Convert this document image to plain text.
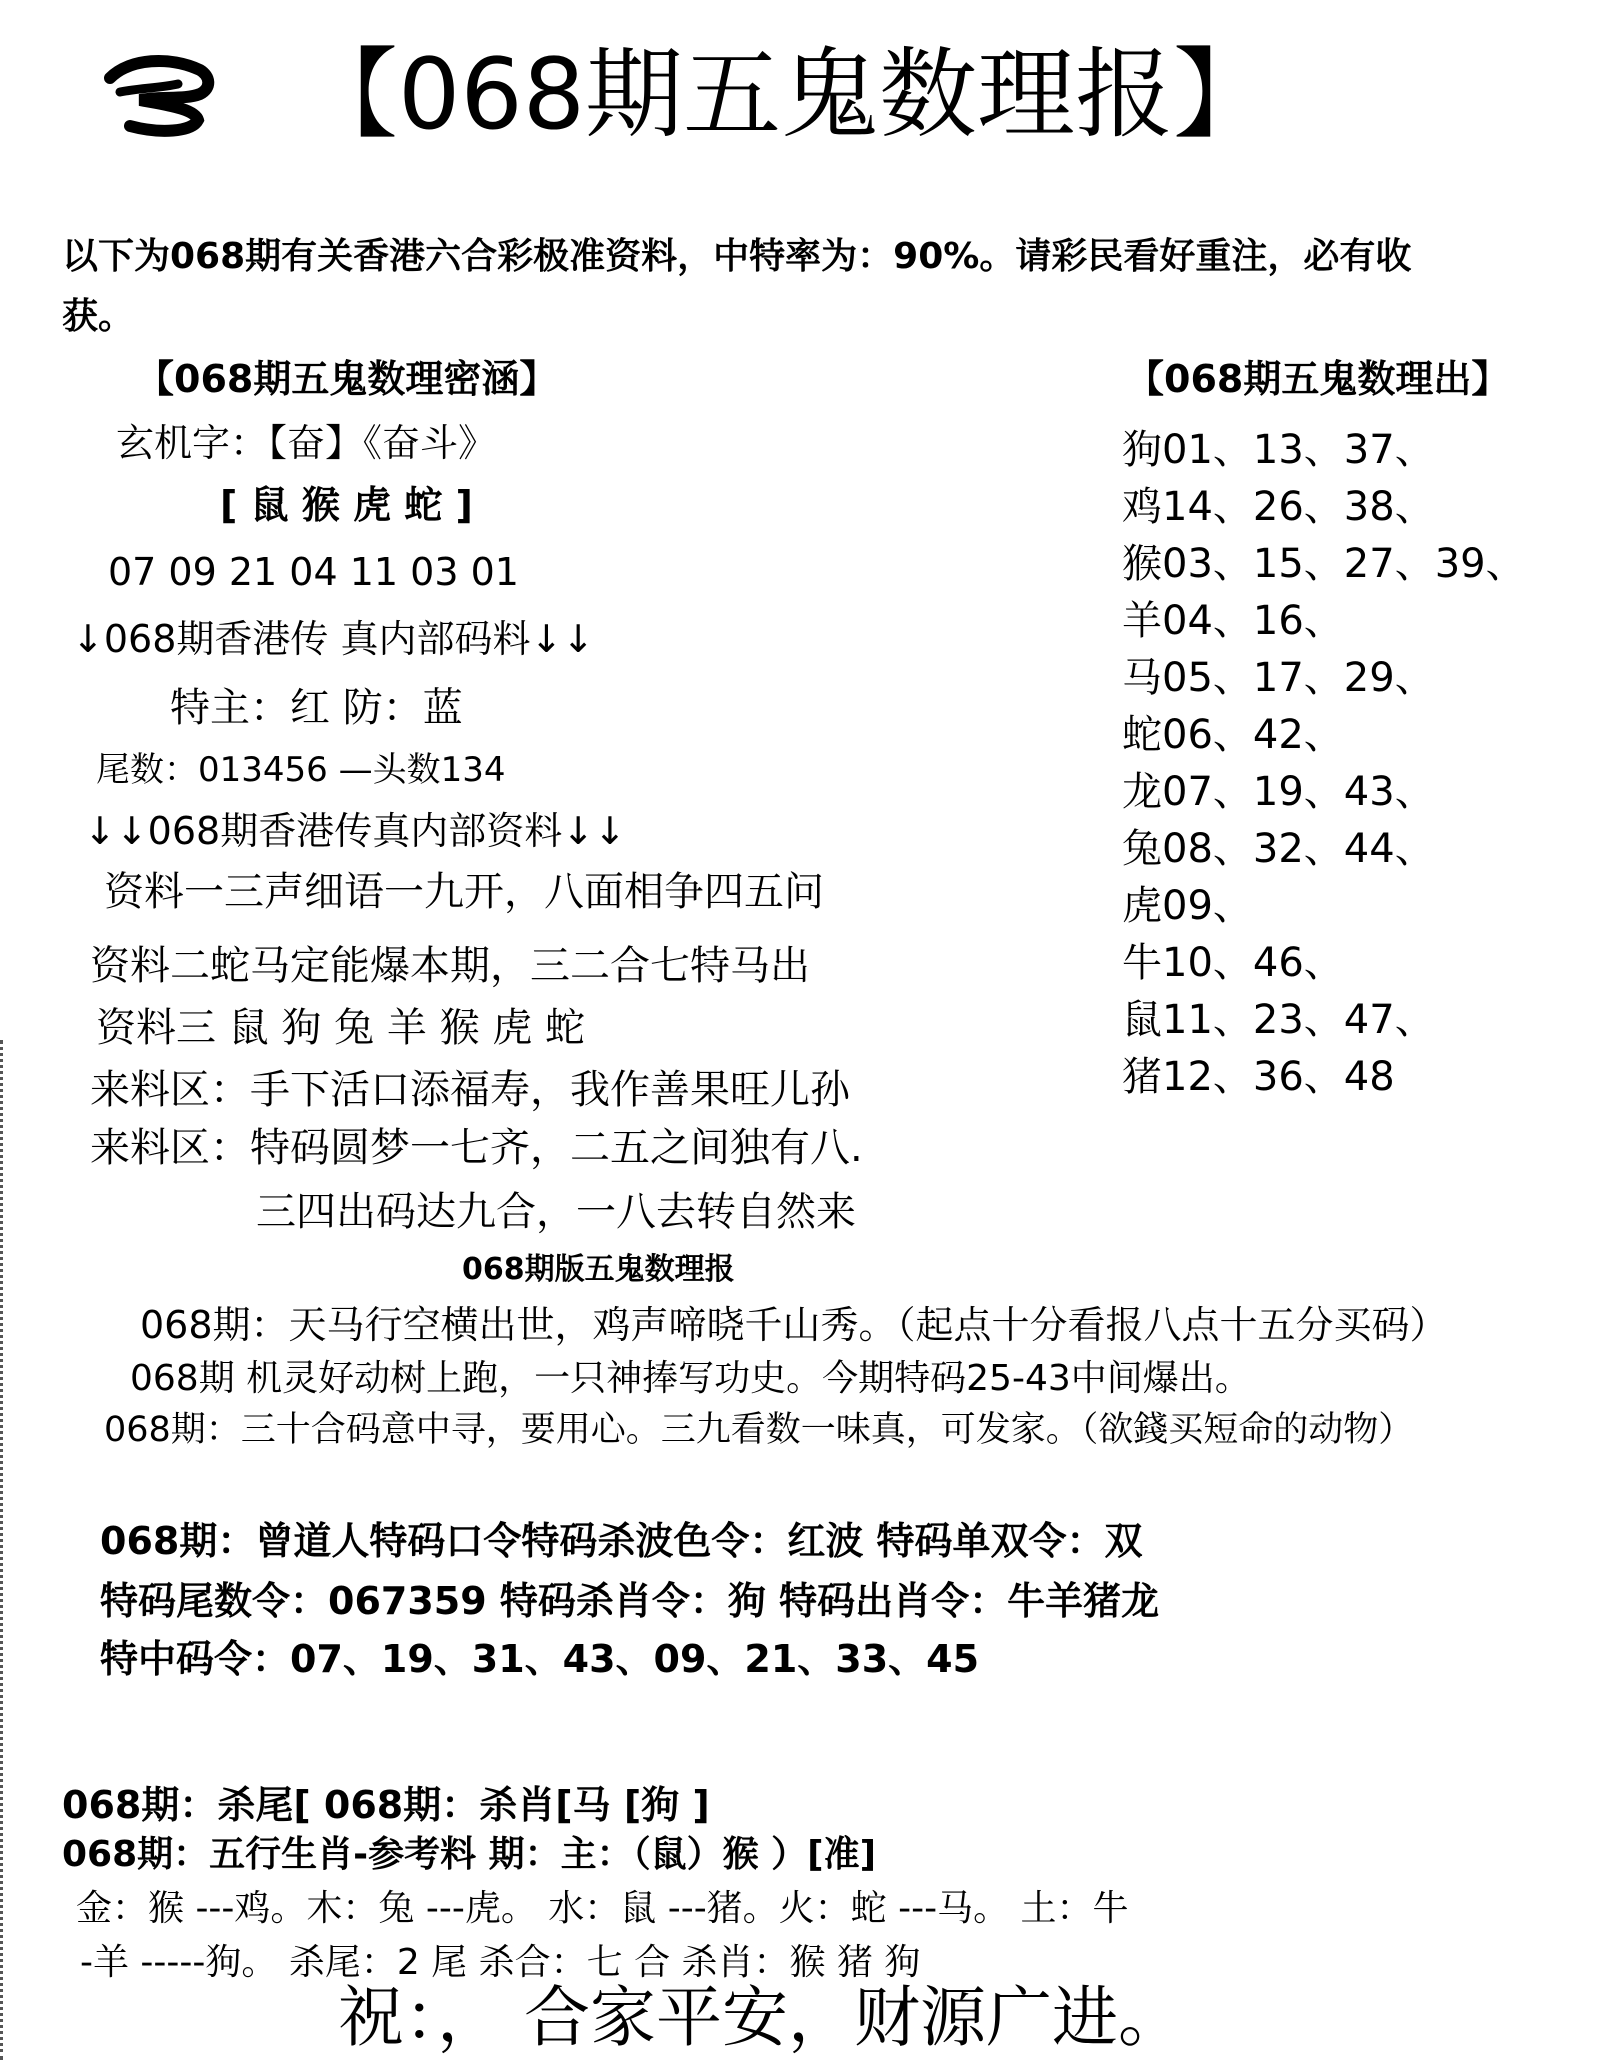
【068期五鬼数理报】
以下为068期有关香港六合彩极准资料，中特率为：90%。请彩民看好重注，必有收
获。
【068期五鬼数理密涵】
玄机字：【奋】《奋斗》
[ 鼠 猴 虎 蛇 ]
07 09 21 04 11 03 01
↓068期香港传 真内部码料↓↓
特主：红 防：蓝
尾数：013456 —头数134
↓↓068期香港传真内部资料↓↓
资料一三声细语一九开，八面相争四五问
资料二蛇马定能爆本期，三二合七特马出
资料三 鼠 狗 兔 羊 猴 虎 蛇
来料区：手下活口添福寿，我作善果旺儿孙
来料区：特码圆梦一七齐，二五之间独有八.
三四出码达九合，一八去转自然来
068期版五鬼数理报
068期：天马行空横出世，鸡声啼晓千山秀。（起点十分看报八点十五分买码）
068期 机灵好动树上跑，一只神捧写功史。今期特码25-43中间爆出。
068期：三十合码意中寻，要用心。三九看数一味真，可发家。（欲錢买短命的动物）
【068期五鬼数理出】
狗01、13、37、
鸡14、26、38、
猴03、15、27、39、
羊04、16、
马05、17、29、
蛇06、42、
龙07、19、43、
兔08、32、44、
虎09、
牛10、46、
鼠11、23、47、
猪12、36、48
068期：曾道人特码口令特码杀波色令：红波 特码单双令：双
特码尾数令：067359 特码杀肖令：狗 特码出肖令：牛羊猪龙
特中码令：07、19、31、43、09、21、33、45
068期：杀尾[ 068期：杀肖[马 [狗 ]
068期：五行生肖-参考料 期：主：（鼠）猴 ）[准]
金：猴 ---鸡。木：兔 ---虎。 水：鼠 ---猪。火：蛇 ---马。 土：牛
-羊 -----狗。 杀尾：2 尾 杀合：七 合 杀肖：猴 猪 狗
祝：， 合家平安，财源广进。
